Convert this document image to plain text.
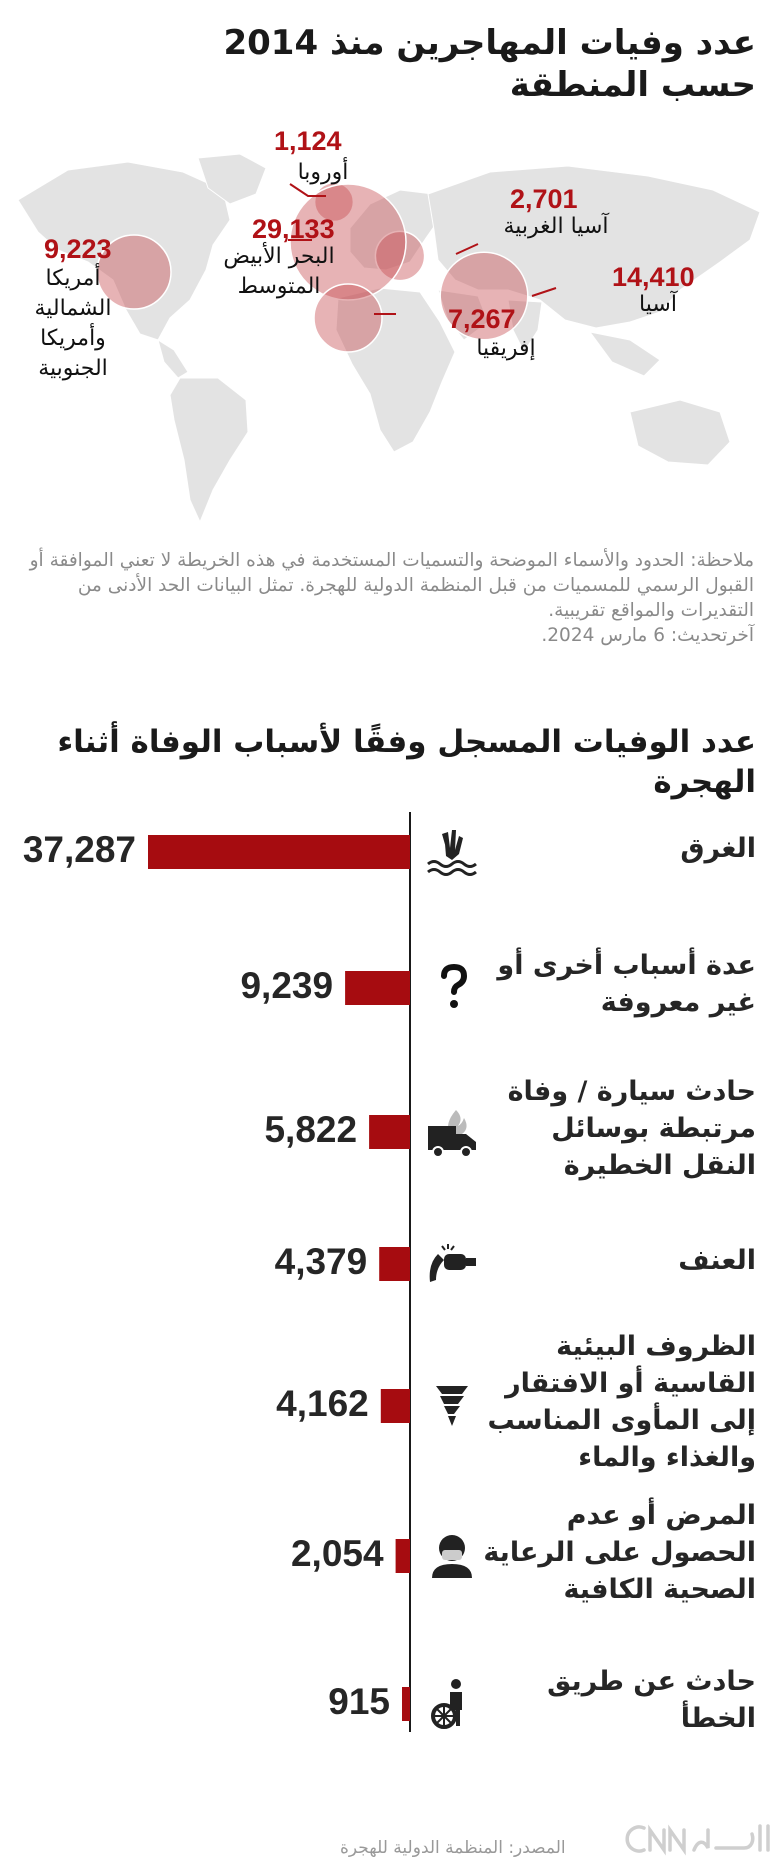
عدد وفيات المهاجرين منذ 2014 حسب المنطقة
1,124
أوروبا
2,701
آسيا الغربية
29,133
البحر الأبيض المتوسط
9,223
أمريكا الشمالية وأمريكا الجنوبية
14,410
آسيا
7,267
إفريقيا
ملاحظة: الحدود والأسماء الموضحة والتسميات المستخدمة في هذه الخريطة لا تعني الموافقة أو القبول الرسمي للمسميات من قبل المنظمة الدولية للهجرة. تمثل البيانات الحد الأدنى من التقديرات والمواقع تقريبية.
آخرتحديث: 6 مارس 2024.
عدد الوفيات المسجل وفقًا لأسباب الوفاة أثناء الهجرة
37,287
9,239
5,822
4,379
4,162
2,054
915
الغرق
عدة أسباب أخرى أو غير معروفة
حادث سيارة / وفاة مرتبطة بوسائل النقل الخطيرة
العنف
الظروف البيئية القاسية أو الافتقار إلى المأوى المناسب والغذاء والماء
المرض أو عدم الحصول على الرعاية الصحية الكافية
حادث عن طريق الخطأ
المصدر: المنظمة الدولية للهجرة
